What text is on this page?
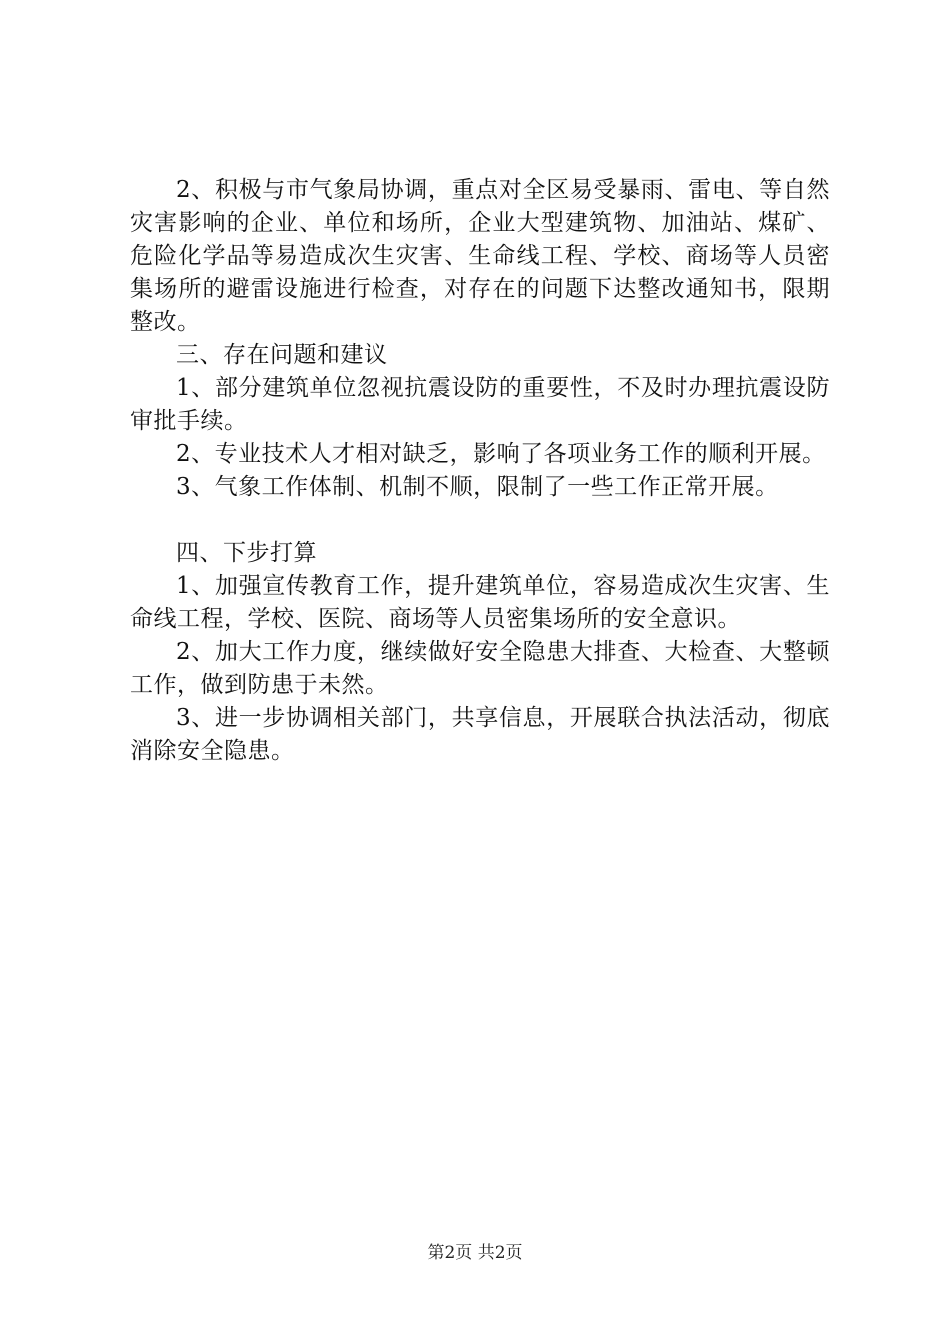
2、积极与市气象局协调，重点对全区易受暴雨、雷电、等自然灾害影响的企业、单位和场所，企业大型建筑物、加油站、煤矿、危险化学品等易造成次生灾害、生命线工程、学校、商场等人员密集场所的避雷设施进行检查，对存在的问题下达整改通知书，限期整改。

三、存在问题和建议

1、部分建筑单位忽视抗震设防的重要性，不及时办理抗震设防审批手续。

2、专业技术人才相对缺乏，影响了各项业务工作的顺利开展。

3、气象工作体制、机制不顺，限制了一些工作正常开展。

四、下步打算

1、加强宣传教育工作，提升建筑单位，容易造成次生灾害、生命线工程，学校、医院、商场等人员密集场所的安全意识。

2、加大工作力度，继续做好安全隐患大排查、大检查、大整顿工作，做到防患于未然。

3、进一步协调相关部门，共享信息，开展联合执法活动，彻底消除安全隐患。

第2页 共2页
